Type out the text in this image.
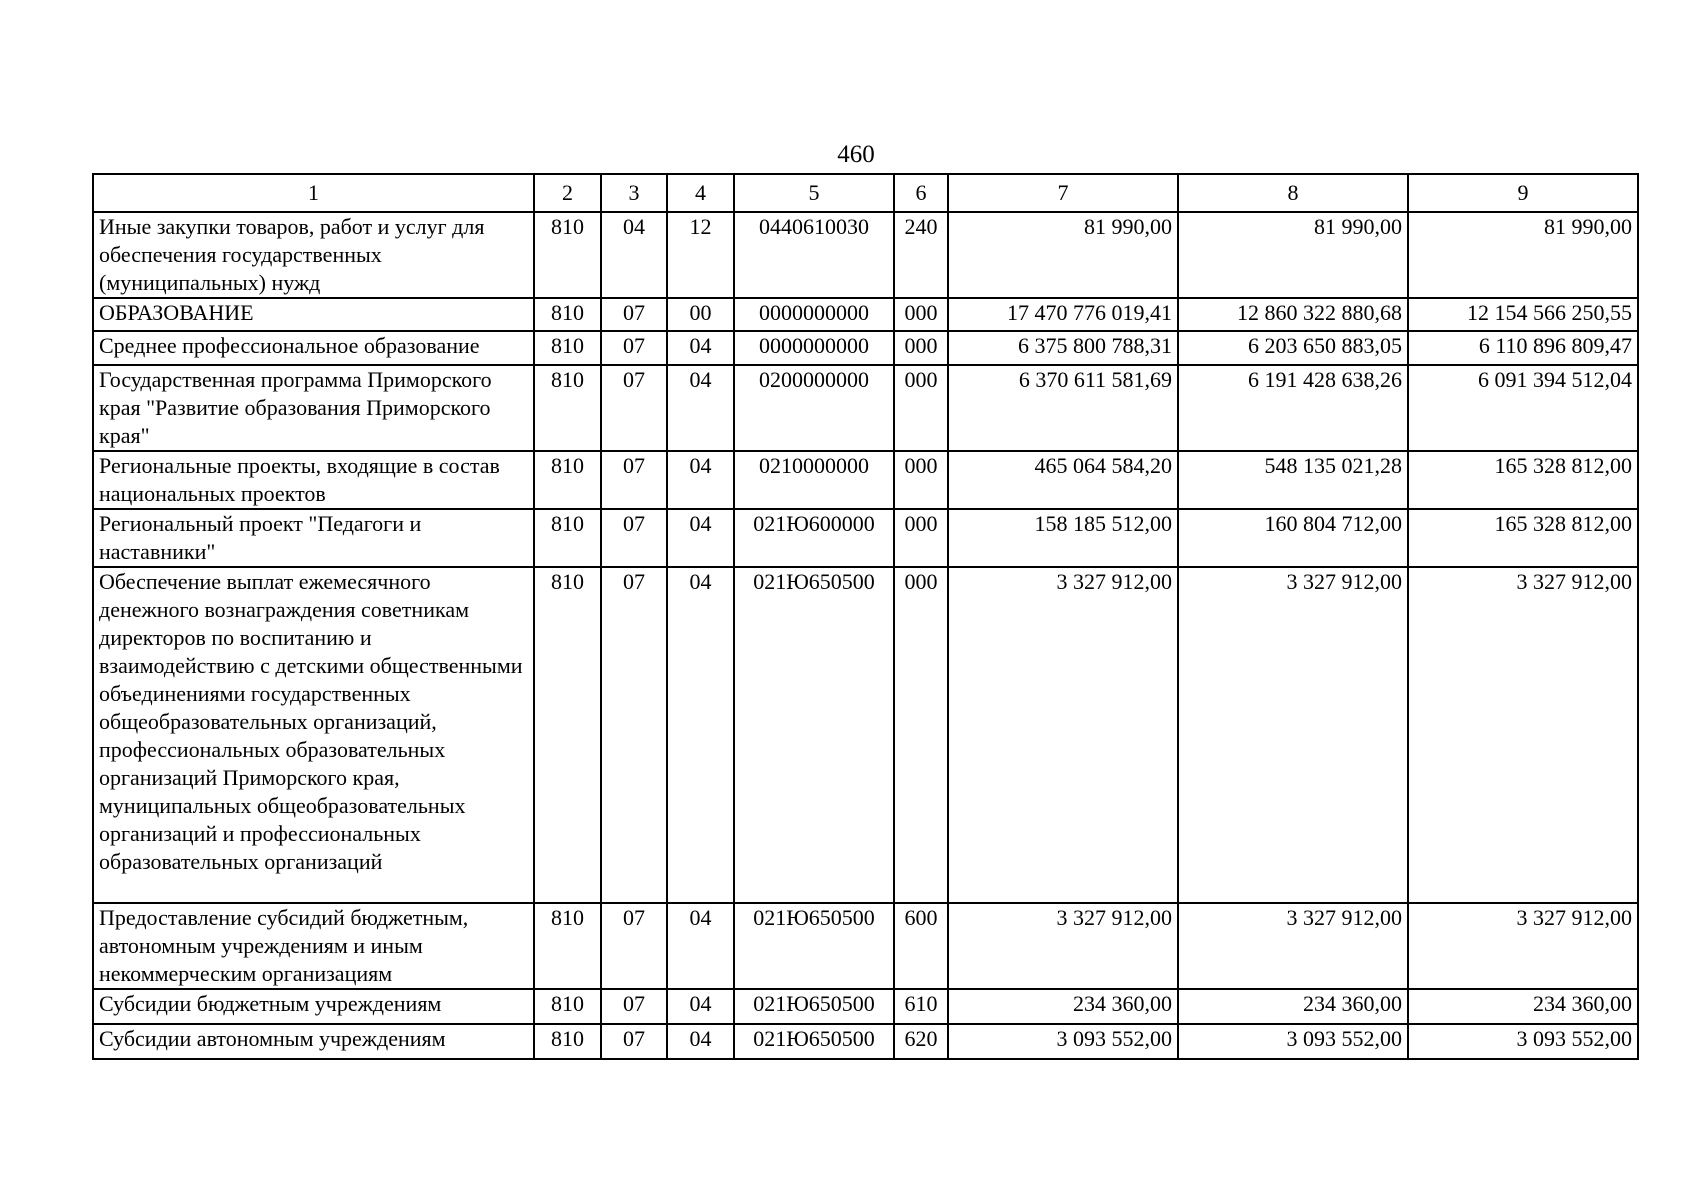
460
1	2	3	4	5	6	7	8	9
Иные закупки товаров, работ и услуг для обеспечения государственных (муниципальных) нужд	810	04	12	0440610030	240	81 990,00	81 990,00	81 990,00
ОБРАЗОВАНИЕ	810	07	00	0000000000	000	17 470 776 019,41	12 860 322 880,68	12 154 566 250,55
Среднее профессиональное образование	810	07	04	0000000000	000	6 375 800 788,31	6 203 650 883,05	6 110 896 809,47
Государственная программа Приморского края "Развитие образования Приморского края"	810	07	04	0200000000	000	6 370 611 581,69	6 191 428 638,26	6 091 394 512,04
Региональные проекты, входящие в состав национальных проектов	810	07	04	0210000000	000	465 064 584,20	548 135 021,28	165 328 812,00
Региональный проект "Педагоги и наставники"	810	07	04	021Ю600000	000	158 185 512,00	160 804 712,00	165 328 812,00
Обеспечение выплат ежемесячного денежного вознаграждения советникам директоров по воспитанию и взаимодействию с детскими общественными объединениями государственных общеобразовательных организаций, профессиональных образовательных организаций Приморского края, муниципальных общеобразовательных организаций и профессиональных образовательных организаций	810	07	04	021Ю650500	000	3 327 912,00	3 327 912,00	3 327 912,00
Предоставление субсидий бюджетным, автономным учреждениям и иным некоммерческим организациям	810	07	04	021Ю650500	600	3 327 912,00	3 327 912,00	3 327 912,00
Субсидии бюджетным учреждениям	810	07	04	021Ю650500	610	234 360,00	234 360,00	234 360,00
Субсидии автономным учреждениям	810	07	04	021Ю650500	620	3 093 552,00	3 093 552,00	3 093 552,00
